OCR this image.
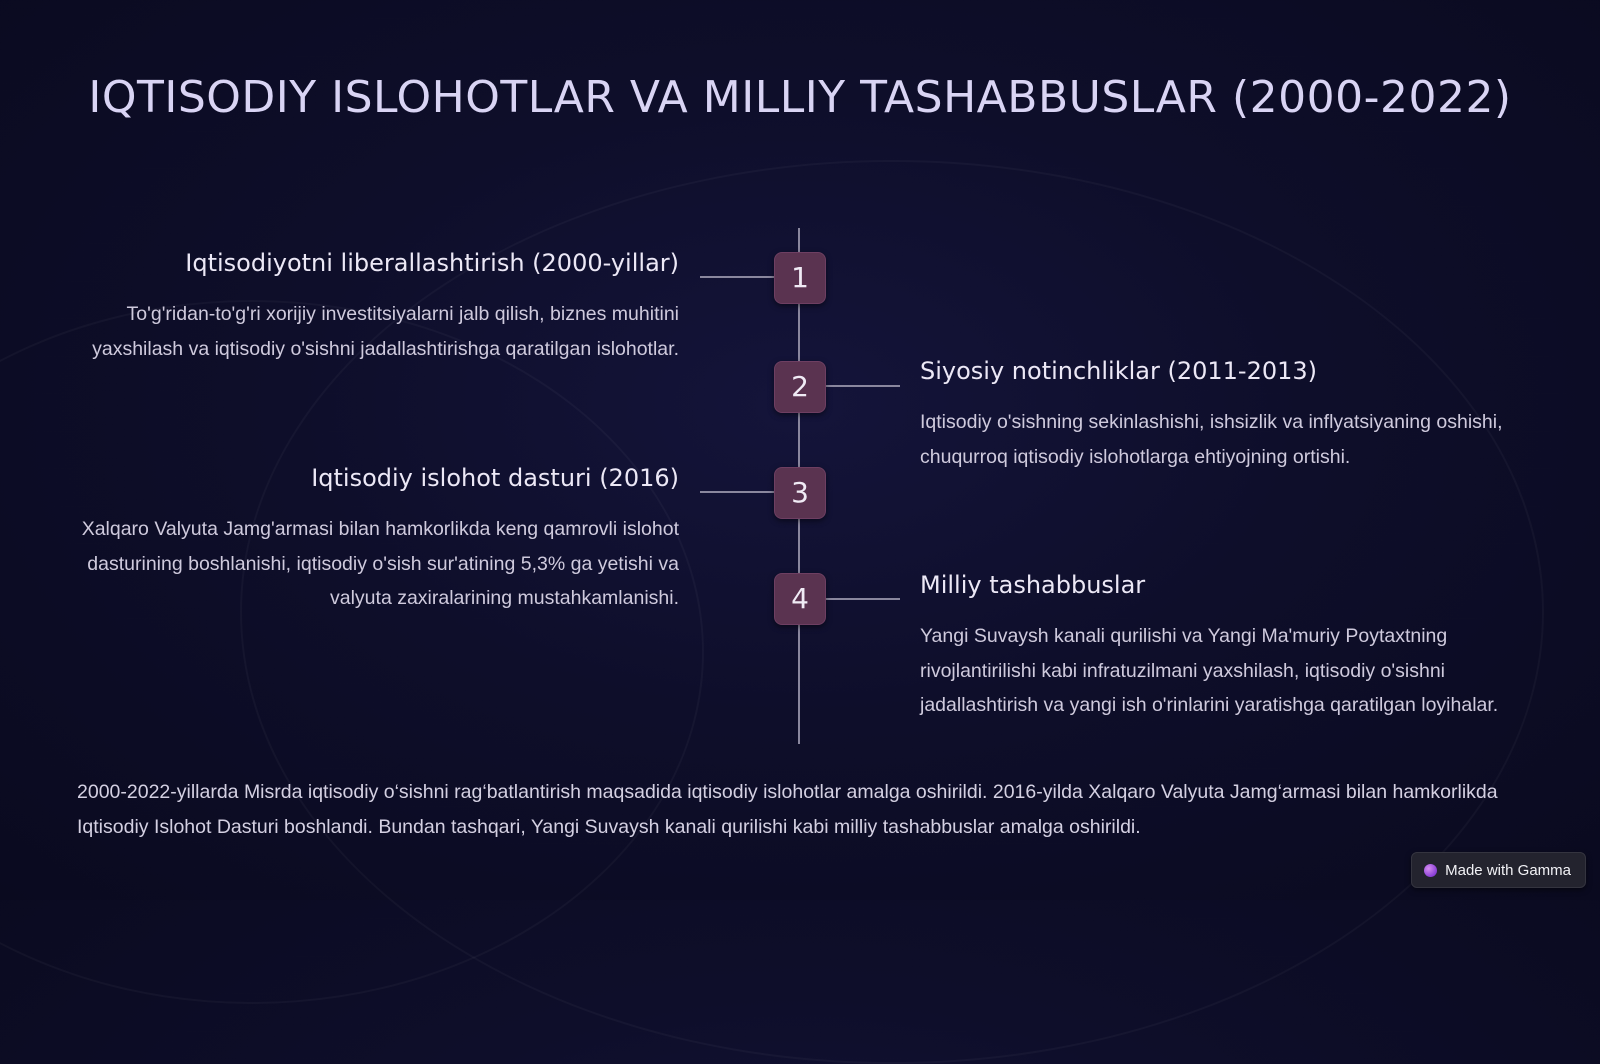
IQTISODIY ISLOHOTLAR VA MILLIY TASHABBUSLAR (2000-2022)
1
2
3
4
Iqtisodiyotni liberallashtirish (2000-yillar)

To'g'ridan-to'g'ri xorijiy investitsiyalarni jalb qilish, biznes muhitini yaxshilash va iqtisodiy o'sishni jadallashtirishga qaratilgan islohotlar.

Siyosiy notinchliklar (2011-2013)

Iqtisodiy o'sishning sekinlashishi, ishsizlik va inflyatsiyaning oshishi, chuqurroq iqtisodiy islohotlarga ehtiyojning ortishi.

Iqtisodiy islohot dasturi (2016)

Xalqaro Valyuta Jamg'armasi bilan hamkorlikda keng qamrovli islohot dasturining boshlanishi, iqtisodiy o'sish sur'atining 5,3% ga yetishi va valyuta zaxiralarining mustahkamlanishi.	Milliy tashabbuslar

Yangi Suvaysh kanali qurilishi va Yangi Ma'muriy Poytaxtning rivojlantirilishi kabi infratuzilmani yaxshilash, iqtisodiy o'sishni jadallashtirish va yangi ish o'rinlarini yaratishga qaratilgan loyihalar.

2000-2022-yillarda Misrda iqtisodiy o‘sishni rag‘batlantirish maqsadida iqtisodiy islohotlar amalga oshirildi. 2016-yilda Xalqaro Valyuta Jamg‘armasi bilan hamkorlikda Iqtisodiy Islohot Dasturi boshlandi. Bundan tashqari, Yangi Suvaysh kanali qurilishi kabi milliy tashabbuslar amalga oshirildi.

Made with Gamma
